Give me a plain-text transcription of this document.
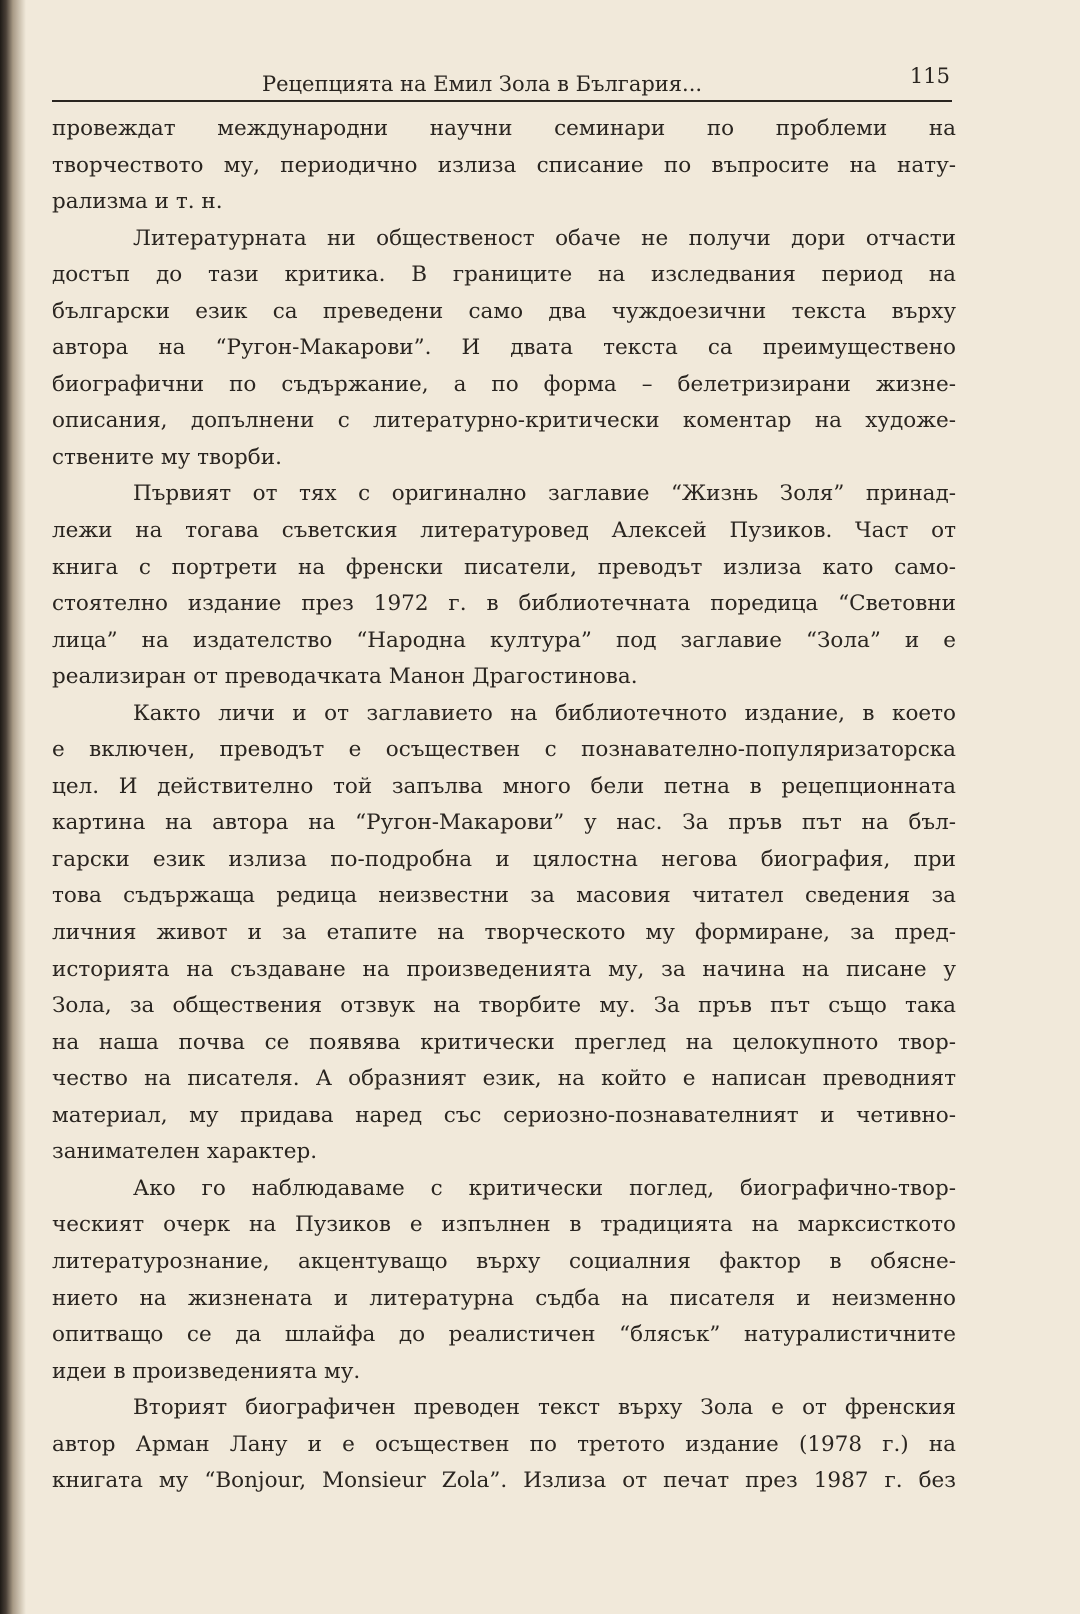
Рецепцията на Емил Зола в България...	115

провеждат международни научни семинари по проблеми на

творчеството му, периодично излиза списание по въпросите на нату-

рализма и т. н.

Литературната ни общественост обаче не получи дори отчасти

достъп до тази критика. В границите на изследвания период на

български език са преведени само два чуждоезични текста върху

автора на “Ругон-Макарови”. И двата текста са преимуществено

биографични по съдържание, а по форма – белетризирани жизне-

описания, допълнени с литературно-критически коментар на художе-

ствените му творби.

Първият от тях с оригинално заглавие “Жизнь Золя” принад-

лежи на тогава съветския литературовед Алексей Пузиков. Част от

книга с портрети на френски писатели, преводът излиза като само-

стоятелно издание през 1972 г. в библиотечната поредица “Световни

лица” на издателство “Народна култура” под заглавие “Зола” и е

реализиран от преводачката Манон Драгостинова.

Както личи и от заглавието на библиотечното издание, в което

е включен, преводът е осъществен с познавателно-популяризаторска

цел. И действително той запълва много бели петна в рецепционната

картина на автора на “Ругон-Макарови” у нас. За пръв път на бъл-

гарски език излиза по-подробна и цялостна негова биография, при

това съдържаща редица неизвестни за масовия читател сведения за

личния живот и за етапите на творческото му формиране, за пред-

историята на създаване на произведенията му, за начина на писане у

Зола, за обществения отзвук на творбите му. За пръв път също така

на наша почва се появява критически преглед на целокупното твор-

чество на писателя. А образният език, на който е написан преводният

материал, му придава наред със сериозно-познавателният и четивно-

занимателен характер.

Ако го наблюдаваме с критически поглед, биографично-твор-

ческият очерк на Пузиков е изпълнен в традицията на марксисткото

литературознание, акцентуващо върху социалния фактор в обясне-

нието на жизнената и литературна съдба на писателя и неизменно

опитващо се да шлайфа до реалистичен “блясък” натуралистичните

идеи в произведенията му.

Вторият биографичен преводен текст върху Зола е от френския

автор Арман Лану и е осъществен по третото издание (1978 г.) на

книгата му “Bonjour, Monsieur Zola”. Излиза от печат през 1987 г. без
